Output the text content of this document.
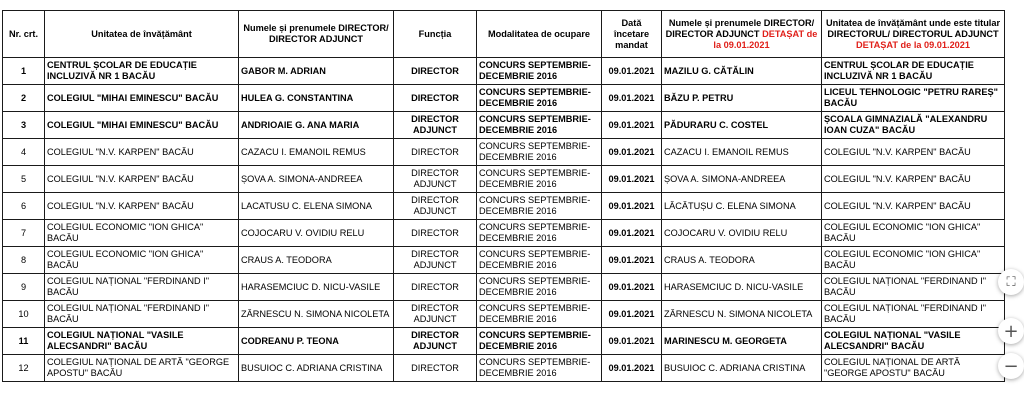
Nr. crt.	Unitatea de învățământ	Numele și prenumele DIRECTOR/ DIRECTOR ADJUNCT	Funcția	Modalitatea de ocupare	Dată încetare mandat	Numele și prenumele DIRECTOR/ DIRECTOR ADJUNCT DETAȘAT de la 09.01.2021	Unitatea de învățământ unde este titular DIRECTORUL/ DIRECTORUL ADJUNCT DETAȘAT de la 09.01.2021
1	CENTRUL ȘCOLAR DE EDUCAȚIE INCLUZIVĂ NR 1 BACĂU	GABOR M. ADRIAN	DIRECTOR	CONCURS SEPTEMBRIE-DECEMBRIE 2016	09.01.2021	MAZILU G. CĂTĂLIN	CENTRUL ȘCOLAR DE EDUCAȚIE INCLUZIVĂ NR 1 BACĂU
2	COLEGIUL "MIHAI EMINESCU" BACĂU	HULEA G. CONSTANTINA	DIRECTOR	CONCURS SEPTEMBRIE-DECEMBRIE 2016	09.01.2021	BĂZU P. PETRU	LICEUL TEHNOLOGIC "PETRU RAREȘ" BACĂU
3	COLEGIUL "MIHAI EMINESCU" BACĂU	ANDRIOAIE G. ANA MARIA	DIRECTOR ADJUNCT	CONCURS SEPTEMBRIE-DECEMBRIE 2016	09.01.2021	PĂDURARU C. COSTEL	ȘCOALA GIMNAZIALĂ "ALEXANDRU IOAN CUZA" BACĂU
4	COLEGIUL "N.V. KARPEN" BACĂU	CAZACU I. EMANOIL REMUS	DIRECTOR	CONCURS SEPTEMBRIE-DECEMBRIE 2016	09.01.2021	CAZACU I. EMANOIL REMUS	COLEGIUL "N.V. KARPEN" BACĂU
5	COLEGIUL "N.V. KARPEN" BACĂU	ȘOVA A. SIMONA-ANDREEA	DIRECTOR ADJUNCT	CONCURS SEPTEMBRIE-DECEMBRIE 2016	09.01.2021	ȘOVA A. SIMONA-ANDREEA	COLEGIUL "N.V. KARPEN" BACĂU
6	COLEGIUL "N.V. KARPEN" BACĂU	LACATUSU C. ELENA SIMONA	DIRECTOR ADJUNCT	CONCURS SEPTEMBRIE-DECEMBRIE 2016	09.01.2021	LĂCĂTUȘU C. ELENA SIMONA	COLEGIUL "N.V. KARPEN" BACĂU
7	COLEGIUL ECONOMIC "ION GHICA" BACĂU	COJOCARU V. OVIDIU RELU	DIRECTOR	CONCURS SEPTEMBRIE-DECEMBRIE 2016	09.01.2021	COJOCARU V. OVIDIU RELU	COLEGIUL ECONOMIC "ION GHICA" BACĂU
8	COLEGIUL ECONOMIC "ION GHICA" BACĂU	CRAUS A. TEODORA	DIRECTOR ADJUNCT	CONCURS SEPTEMBRIE-DECEMBRIE 2016	09.01.2021	CRAUS A. TEODORA	COLEGIUL ECONOMIC "ION GHICA" BACĂU
9	COLEGIUL NAȚIONAL "FERDINAND I" BACĂU	HARASEMCIUC D. NICU-VASILE	DIRECTOR	CONCURS SEPTEMBRIE-DECEMBRIE 2016	09.01.2021	HARASEMCIUC D. NICU-VASILE	COLEGIUL NAȚIONAL "FERDINAND I" BACĂU
10	COLEGIUL NAȚIONAL "FERDINAND I" BACĂU	ZĂRNESCU N. SIMONA NICOLETA	DIRECTOR ADJUNCT	CONCURS SEPTEMBRIE-DECEMBRIE 2016	09.01.2021	ZĂRNESCU N. SIMONA NICOLETA	COLEGIUL NAȚIONAL "FERDINAND I" BACĂU
11	COLEGIUL NAȚIONAL "VASILE ALECSANDRI" BACĂU	CODREANU P. TEONA	DIRECTOR ADJUNCT	CONCURS SEPTEMBRIE-DECEMBRIE 2016	09.01.2021	MARINESCU M. GEORGETA	COLEGIUL NAȚIONAL "VASILE ALECSANDRI" BACĂU
12	COLEGIUL NAȚIONAL DE ARTĂ "GEORGE APOSTU" BACĂU	BUSUIOC C. ADRIANA CRISTINA	DIRECTOR	CONCURS SEPTEMBRIE-DECEMBRIE 2016	09.01.2021	BUSUIOC C. ADRIANA CRISTINA	COLEGIUL NAȚIONAL DE ARTĂ "GEORGE APOSTU" BACĂU
⛶
+
−
